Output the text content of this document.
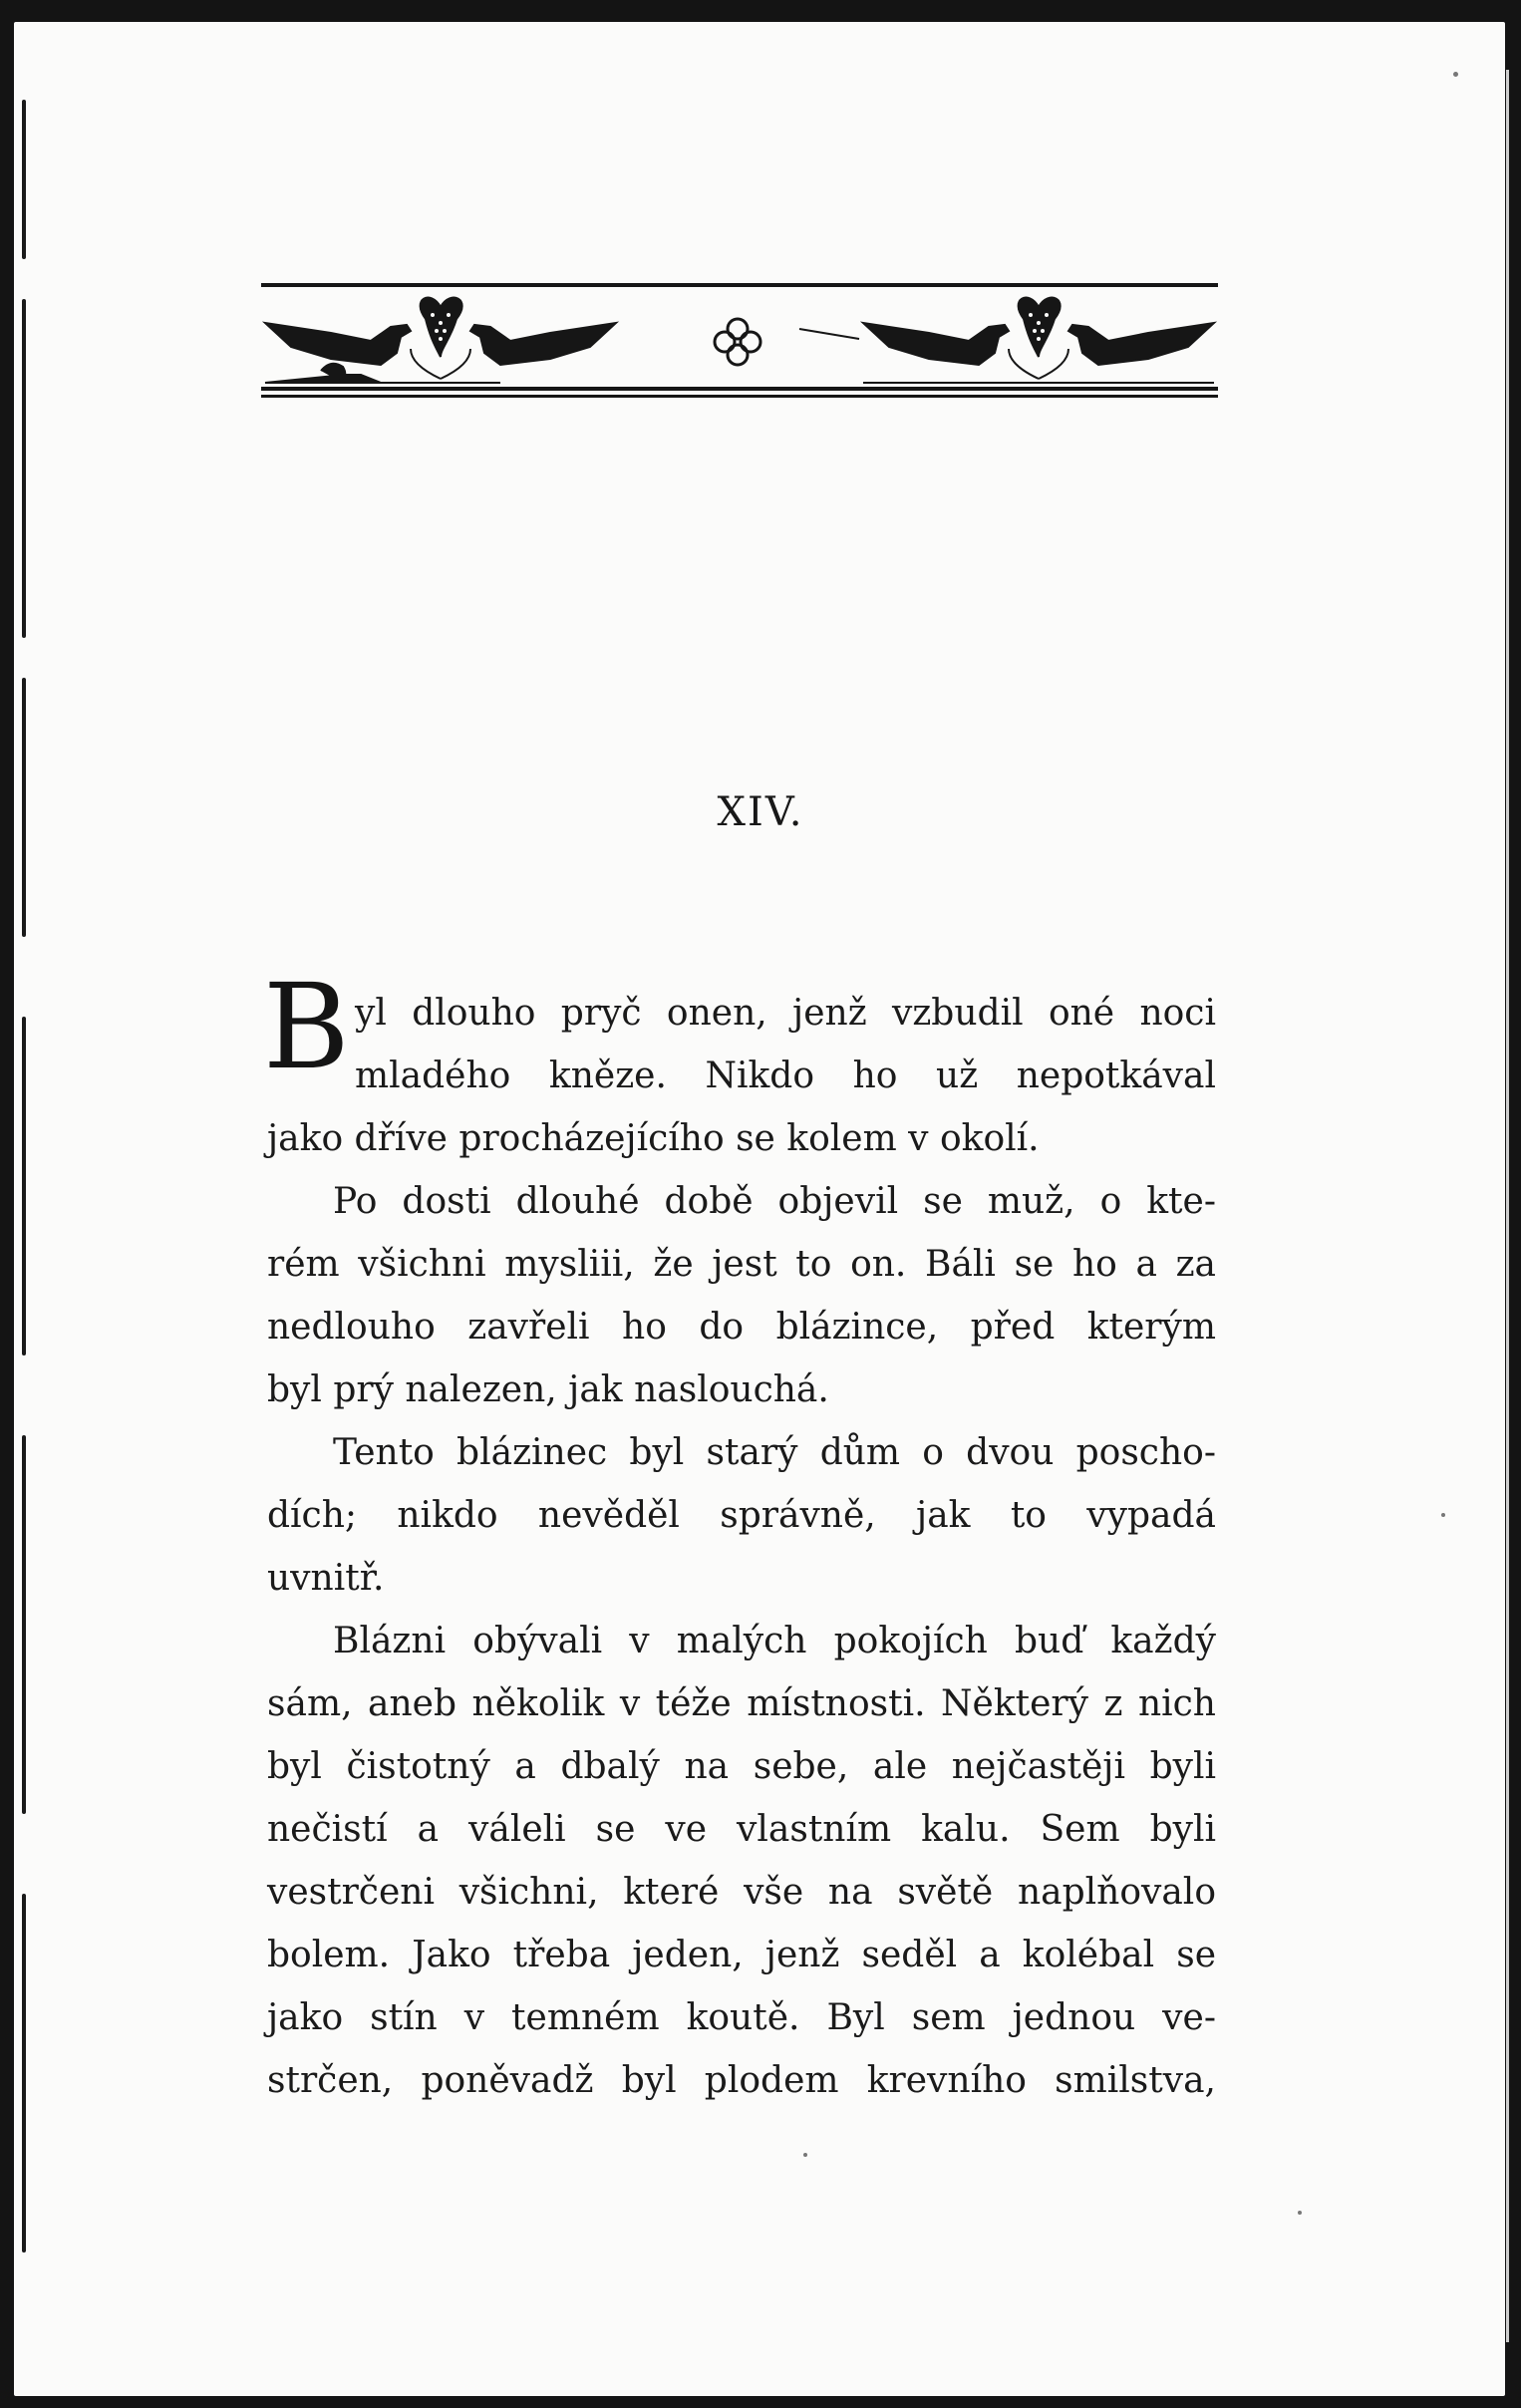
XIV.
B yl dlouho pryč onen, jenž vzbudil oné noci
mladého kněze. Nikdo ho už nepotkával
jako dříve procházejícího se kolem v okolí.
Po dosti dlouhé době objevil se muž, o kte-
rém všichni mysliii, že jest to on. Báli se ho a za
nedlouho zavřeli ho do blázince, před kterým
byl prý nalezen, jak naslouchá.
Tento blázinec byl starý dům o dvou poscho-
dích; nikdo nevěděl správně, jak to vypadá
uvnitř.
Blázni obývali v malých pokojích buď každý
sám, aneb několik v téže místnosti. Některý z nich
byl čistotný a dbalý na sebe, ale nejčastěji byli
nečistí a váleli se ve vlastním kalu. Sem byli
vestrčeni všichni, které vše na světě naplňovalo
bolem. Jako třeba jeden, jenž seděl a kolébal se
jako stín v temném koutě. Byl sem jednou ve-
strčen, poněvadž byl plodem krevního smilstva,
